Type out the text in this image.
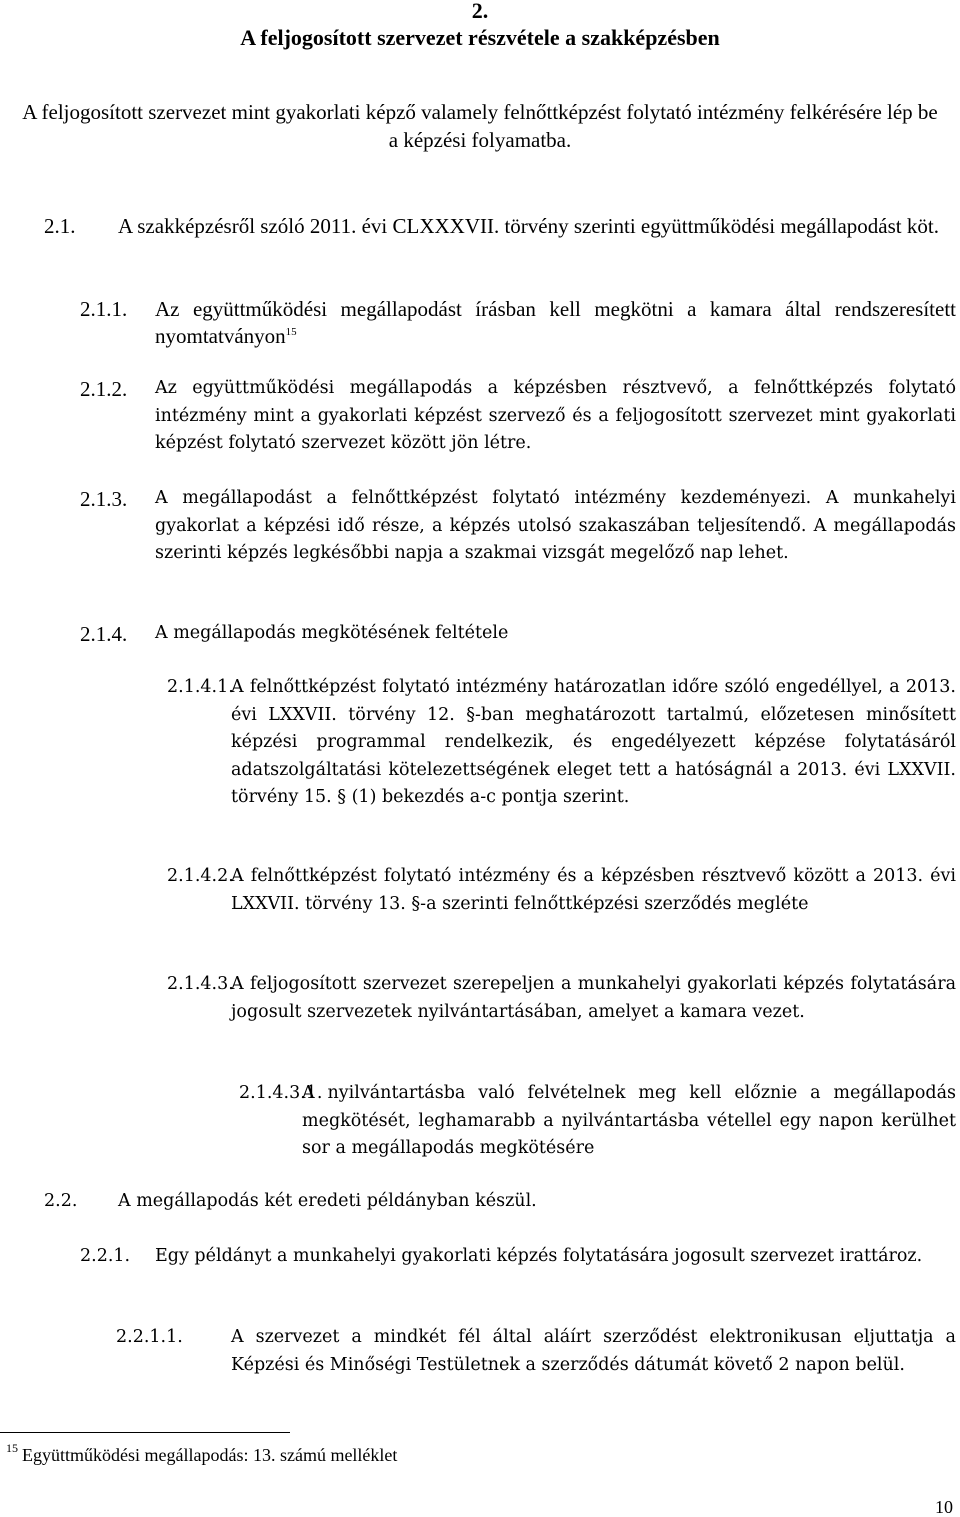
2.
A feljogosított szervezet részvétele a szakképzésben
A feljogosított szervezet mint gyakorlati képző valamely felnőttképzést folytató intézmény felkérésére lép be a képzési folyamatba.
2.1. A szakképzésről szóló 2011. évi CLXXXVII. törvény szerinti együttműködési megállapodást köt.
2.1.1. Az együttműködési megállapodást írásban kell megkötni a kamara által rendszeresített nyomtatványon$^{15}$
2.1.2. Az együttműködési megállapodás a képzésben résztvevő, a felnőttképzés folytató intézmény mint a gyakorlati képzést szervező és a feljogosított szervezet mint gyakorlati képzést folytató szervezet között jön létre.
2.1.3. A megállapodást a felnőttképzést folytató intézmény kezdeményezi. A munkahelyi gyakorlat a képzési idő része, a képzés utolsó szakaszában teljesítendő. A megállapodás szerinti képzés legkésőbbi napja a szakmai vizsgát megelőző nap lehet.
2.1.4. A megállapodás megkötésének feltétele
2.1.4.1.
A felnőttképzést folytató intézmény határozatlan időre szóló engedéllyel, a 2013. évi LXXVII. törvény 12. §-ban meghatározott tartalmú, előzetesen minősített képzési programmal rendelkezik, és engedélyezett képzése folytatásáról adatszolgáltatási kötelezettségének eleget tett a hatóságnál a 2013. évi LXXVII. törvény 15. § (1) bekezdés a-c pontja szerint.
2.1.4.2.
A felnőttképzést folytató intézmény és a képzésben résztvevő között a 2013. évi LXXVII. törvény 13. §-a szerinti felnőttképzési szerződés megléte
2.1.4.3.
A feljogosított szervezet szerepeljen a munkahelyi gyakorlati képzés folytatására jogosult szervezetek nyilvántartásában, amelyet a kamara vezet.
2.1.4.3.1.
A nyilvántartásba való felvételnek meg kell előznie a megállapodás megkötését, leghamarabb a nyilvántartásba vétellel egy napon kerülhet sor a megállapodás megkötésére
2.2. A megállapodás két eredeti példányban készül.
2.2.1. Egy példányt a munkahelyi gyakorlati képzés folytatására jogosult szervezet irattároz.
2.2.1.1.	A szervezet a mindkét fél által aláírt szerződést elektronikusan eljuttatja a Képzési és Minőségi Testületnek a szerződés dátumát követő 2 napon belül.
$^{15}$ Együttműködési megállapodás: 13. számú melléklet
10
